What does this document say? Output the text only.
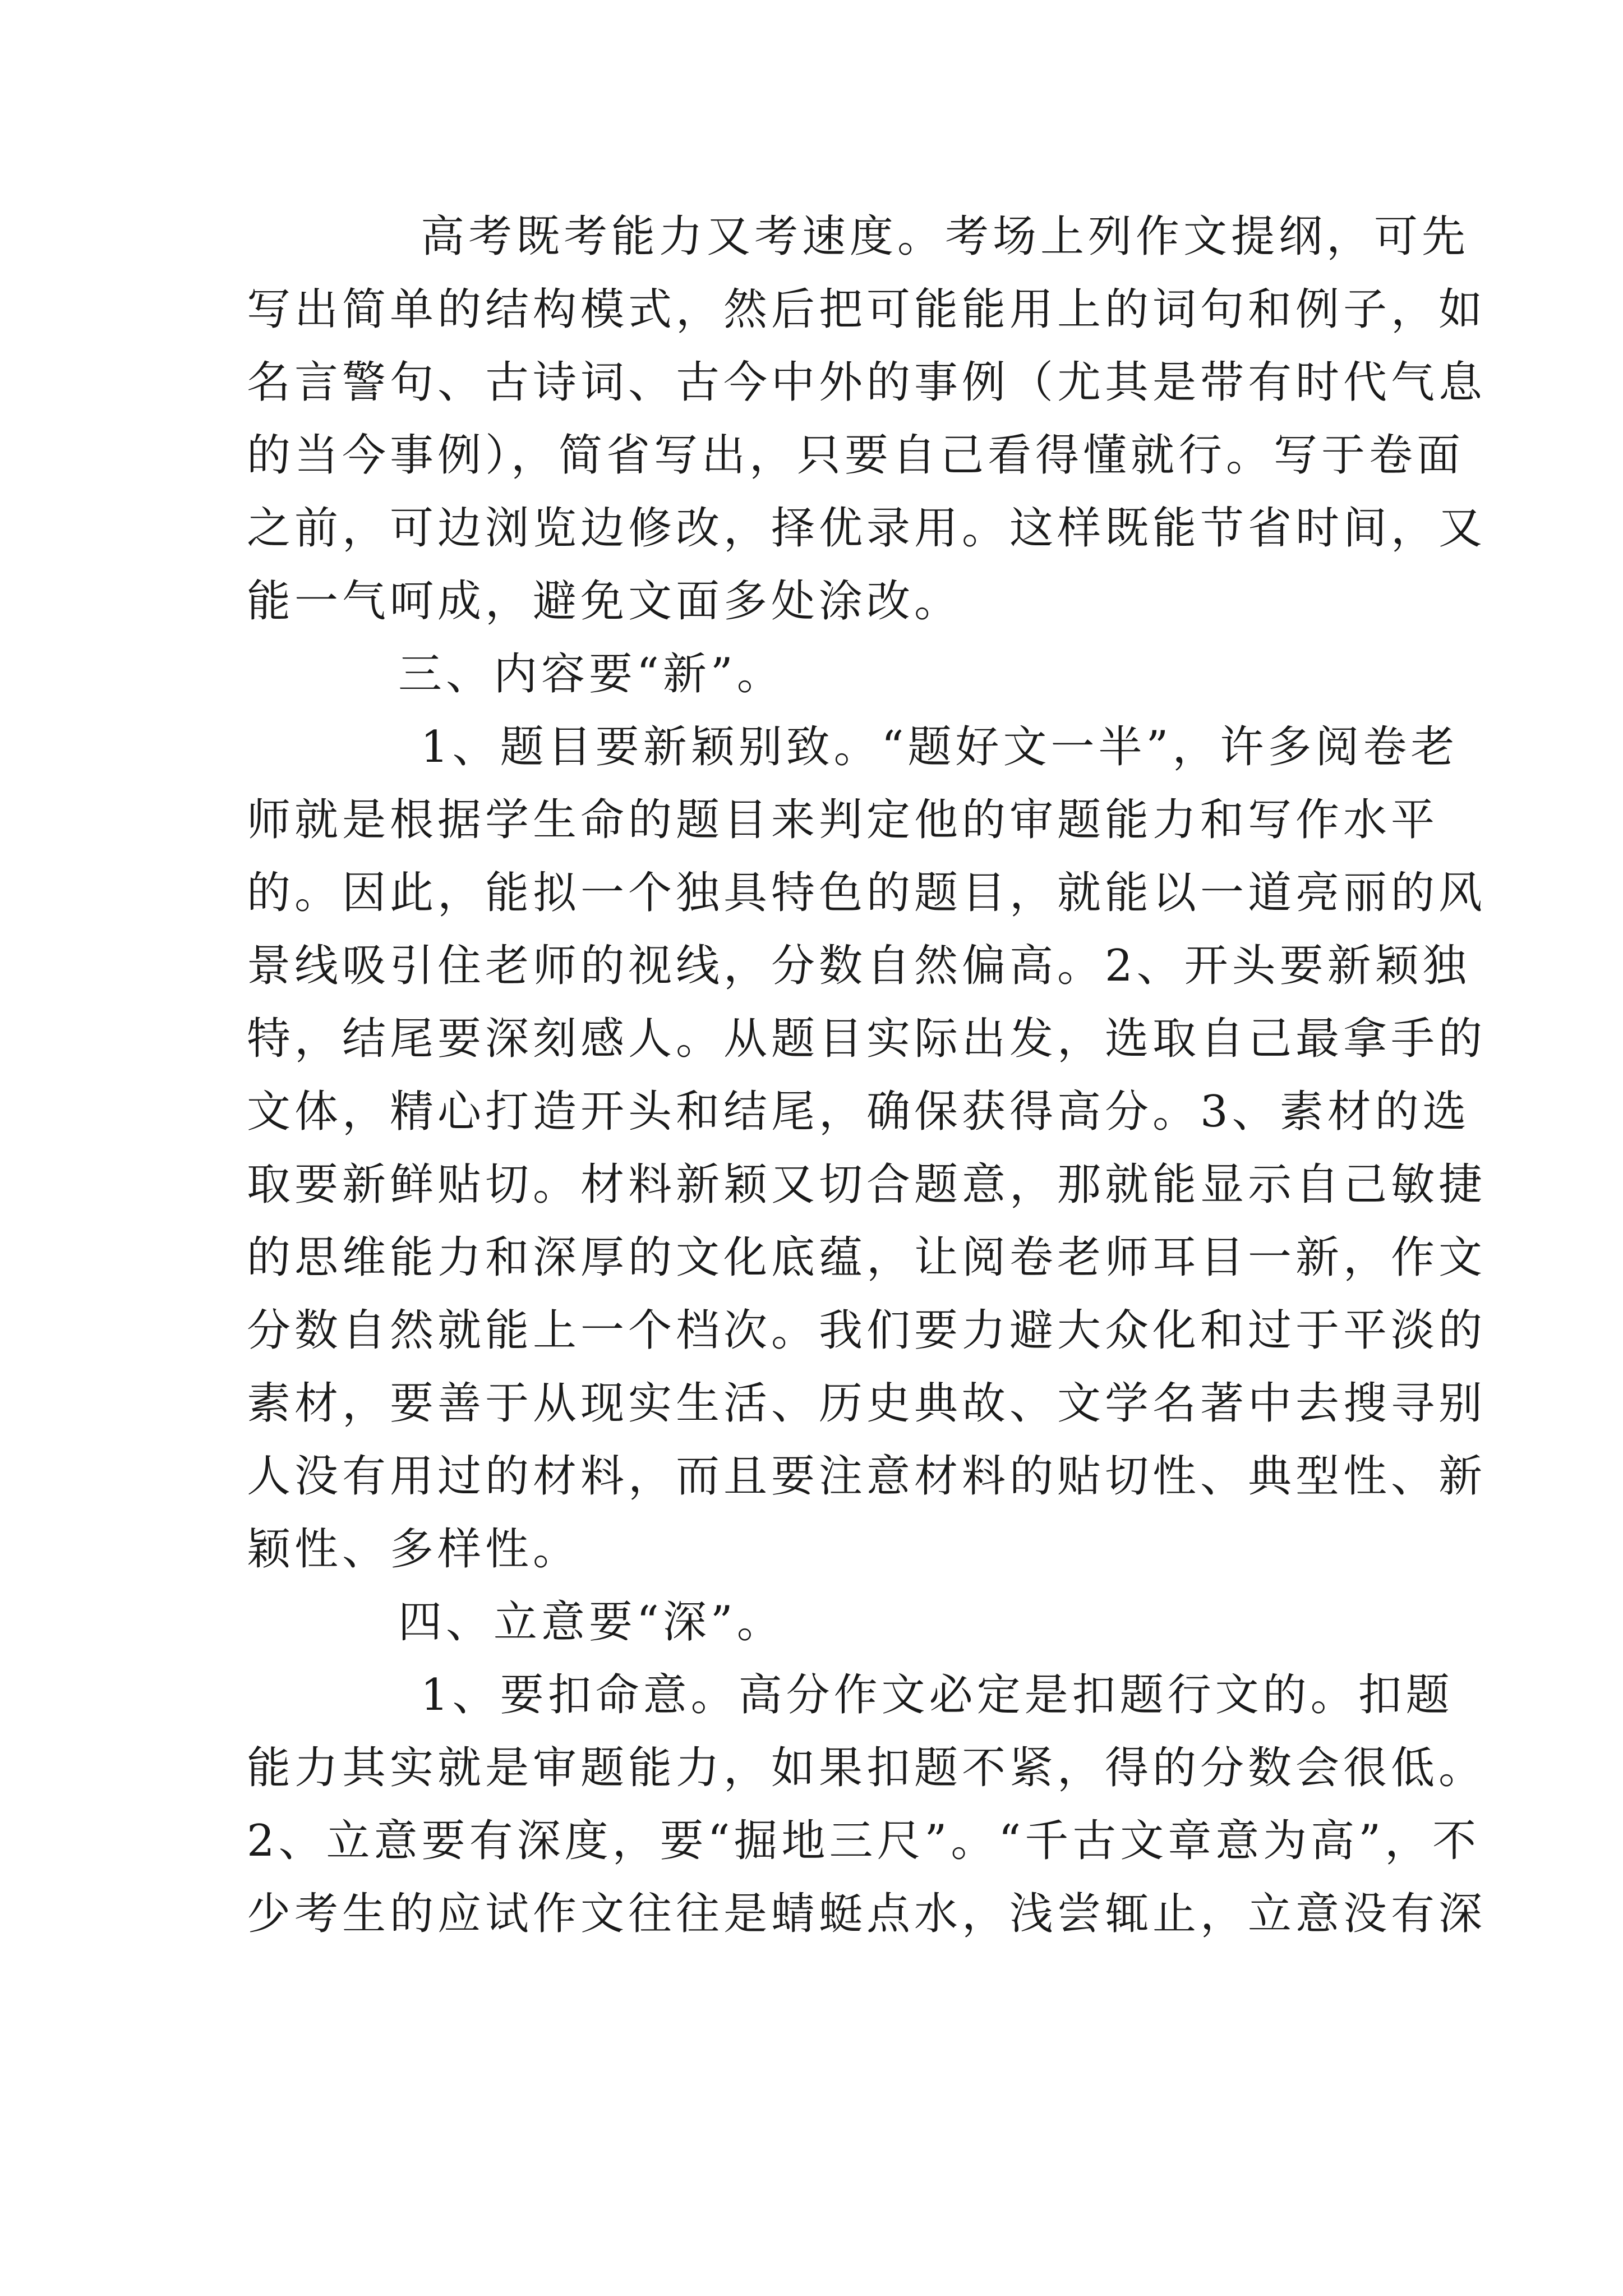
高考既考能力又考速度。考场上列作文提纲，可先
写出简单的结构模式，然后把可能能用上的词句和例子，如
名言警句、古诗词、古今中外的事例（尤其是带有时代气息
的当今事例），简省写出，只要自己看得懂就行。写于卷面
之前，可边浏览边修改，择优录用。这样既能节省时间，又
能一气呵成，避免文面多处涂改。
三、内容要“新”。
1、题目要新颖别致。“题好文一半”，许多阅卷老
师就是根据学生命的题目来判定他的审题能力和写作水平
的。因此，能拟一个独具特色的题目，就能以一道亮丽的风
景线吸引住老师的视线，分数自然偏高。2、开头要新颖独
特，结尾要深刻感人。从题目实际出发，选取自己最拿手的
文体，精心打造开头和结尾，确保获得高分。3、素材的选
取要新鲜贴切。材料新颖又切合题意，那就能显示自己敏捷
的思维能力和深厚的文化底蕴，让阅卷老师耳目一新，作文
分数自然就能上一个档次。我们要力避大众化和过于平淡的
素材，要善于从现实生活、历史典故、文学名著中去搜寻别
人没有用过的材料，而且要注意材料的贴切性、典型性、新
颖性、多样性。
四、立意要“深”。
1、要扣命意。高分作文必定是扣题行文的。扣题
能力其实就是审题能力，如果扣题不紧，得的分数会很低。
2、立意要有深度，要“掘地三尺”。“千古文章意为高”，不
少考生的应试作文往往是蜻蜓点水，浅尝辄止，立意没有深
